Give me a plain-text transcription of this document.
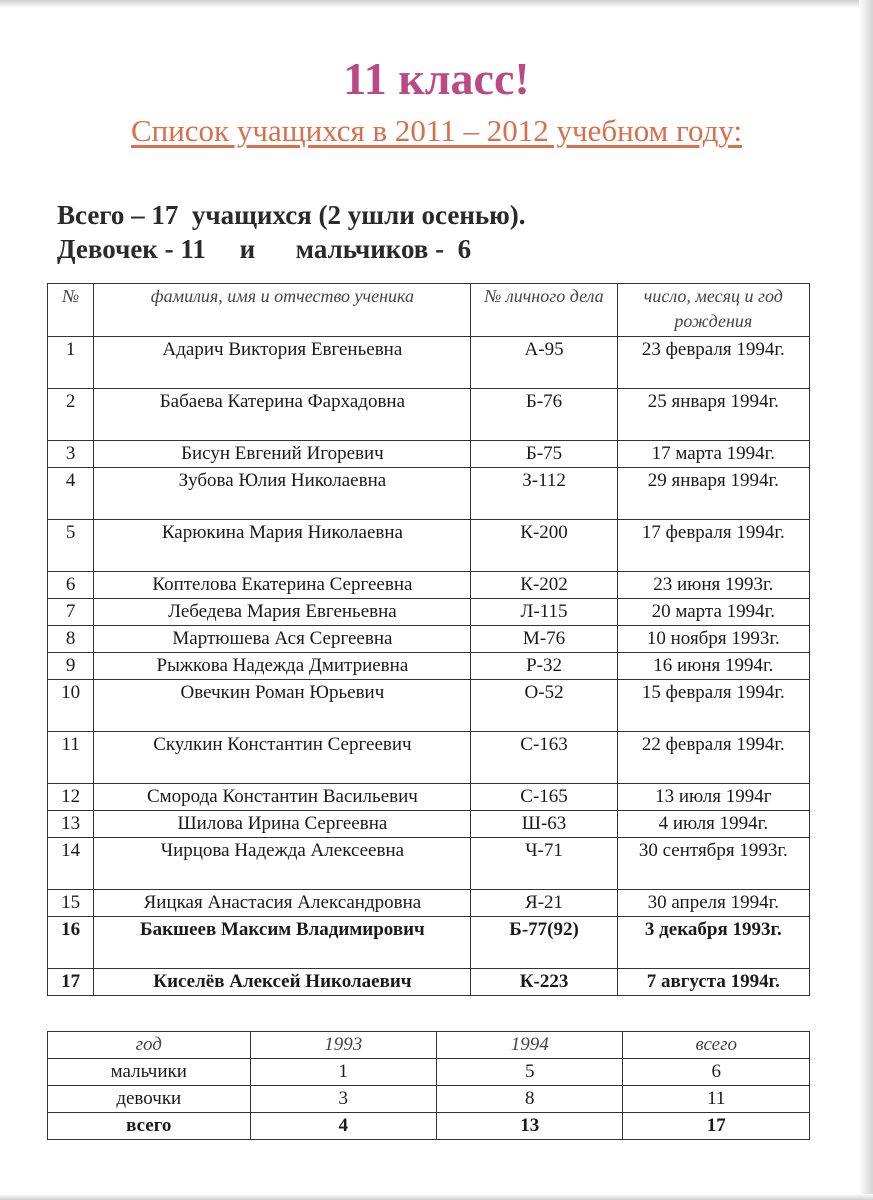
11 класс!
Список учащихся в 2011 – 2012 учебном году:
Всего – 17  учащихся (2 ушли осенью).
Девочек - 11     и      мальчиков -  6
№	фамилия, имя и отчество ученика	№ личного дела	число, месяц и год рождения
1	Адарич Виктория Евгеньевна	А-95	23 февраля 1994г.
2	Бабаева Катерина Фархадовна	Б-76	25 января 1994г.
3	Бисун Евгений Игоревич	Б-75	17 марта 1994г.
4	Зубова Юлия Николаевна	З-112	29 января 1994г.
5	Карюкина Мария Николаевна	К-200	17 февраля 1994г.
6	Коптелова Екатерина Сергеевна	К-202	23 июня 1993г.
7	Лебедева Мария Евгеньевна	Л-115	20 марта 1994г.
8	Мартюшева Ася Сергеевна	М-76	10 ноября 1993г.
9	Рыжкова Надежда Дмитриевна	Р-32	16 июня 1994г.
10	Овечкин Роман Юрьевич	О-52	15 февраля 1994г.
11	Скулкин Константин Сергеевич	С-163	22 февраля 1994г.
12	Сморода Константин Васильевич	С-165	13 июля 1994г
13	Шилова Ирина Сергеевна	Ш-63	4 июля 1994г.
14	Чирцова Надежда Алексеевна	Ч-71	30 сентября 1993г.
15	Яицкая Анастасия Александровна	Я-21	30 апреля 1994г.
16	Бакшеев Максим Владимирович	Б-77(92)	3 декабря 1993г.
17	Киселёв Алексей Николаевич	К-223	7 августа 1994г.
год	1993	1994	всего
мальчики	1	5	6
девочки	3	8	11
всего	4	13	17
